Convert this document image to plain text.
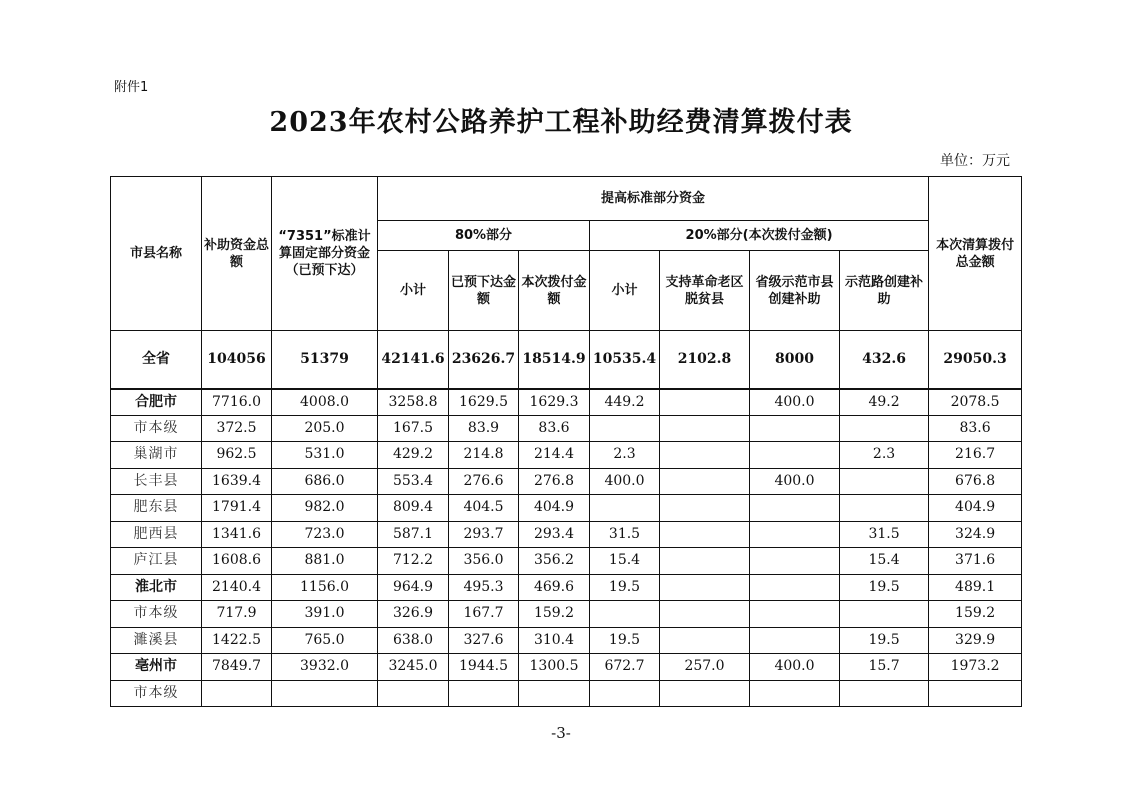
附件1
2023年农村公路养护工程补助经费清算拨付表
单位：万元
市县名称	补助资金总额	“7351”标准计算固定部分资金（已预下达）	提高标准部分资金							本次清算拨付总金额
			80%部分			20%部分(本次拨付金额)				
			小计	已预下达金额	本次拨付金额	小计	支持革命老区脱贫县	省级示范市县创建补助	示范路创建补助	
全省	104056	51379	42141.6	23626.7	18514.9	10535.4	2102.8	8000	432.6	29050.3
合肥市	7716.0	4008.0	3258.8	1629.5	1629.3	449.2		400.0	49.2	2078.5
市本级	372.5	205.0	167.5	83.9	83.6					83.6
巢湖市	962.5	531.0	429.2	214.8	214.4	2.3			2.3	216.7
长丰县	1639.4	686.0	553.4	276.6	276.8	400.0		400.0		676.8
肥东县	1791.4	982.0	809.4	404.5	404.9					404.9
肥西县	1341.6	723.0	587.1	293.7	293.4	31.5			31.5	324.9
庐江县	1608.6	881.0	712.2	356.0	356.2	15.4			15.4	371.6
淮北市	2140.4	1156.0	964.9	495.3	469.6	19.5			19.5	489.1
市本级	717.9	391.0	326.9	167.7	159.2					159.2
濉溪县	1422.5	765.0	638.0	327.6	310.4	19.5			19.5	329.9
亳州市	7849.7	3932.0	3245.0	1944.5	1300.5	672.7	257.0	400.0	15.7	1973.2
市本级										
-3-
